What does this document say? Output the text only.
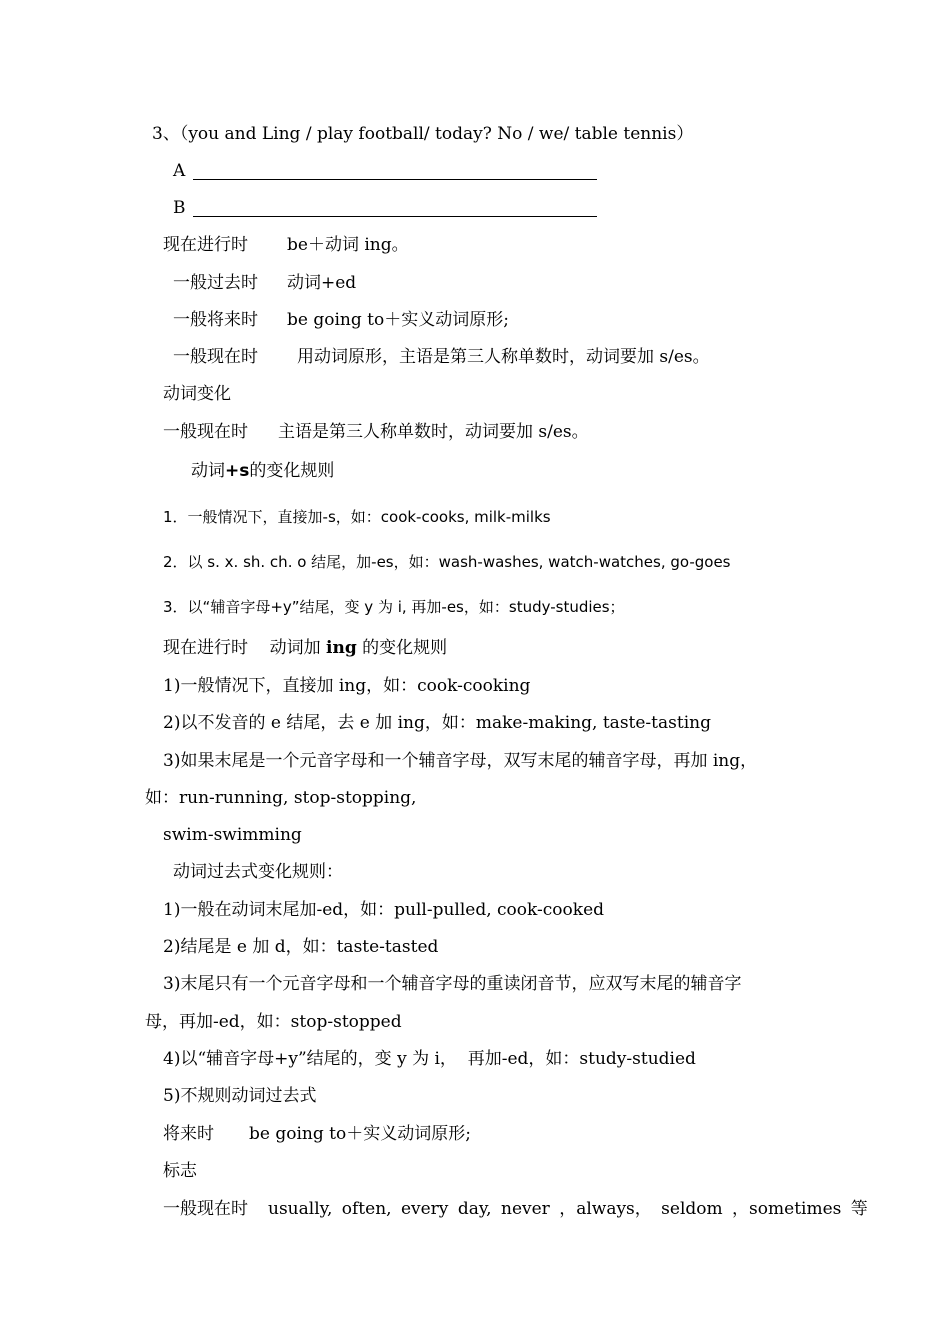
3、（you and Ling / play football/ today? No / we/ table tennis）
A
B
现在进行时 be＋动词 ing。
一般过去时 动词+ed
一般将来时 be going to＋实义动词原形;
一般现在时 用动词原形，主语是第三人称单数时，动词要加 s/es。
动词变化
一般现在时 主语是第三人称单数时，动词要加 s/es。
动词+s的变化规则
1．一般情况下，直接加-s，如：cook-cooks, milk-milks
2．以 s. x. sh. ch. o 结尾，加-es，如：wash-washes, watch-watches, go-goes
3．以“辅音字母+y”结尾，变 y 为 i, 再加-es，如：study-studies；
现在进行时    动词加 ing 的变化规则
1)一般情况下，直接加 ing，如：cook-cooking
2)以不发音的 e 结尾，去 e 加 ing，如：make-making, taste-tasting
3)如果末尾是一个元音字母和一个辅音字母，双写末尾的辅音字母，再加 ing，
如：run-running, stop-stopping,
swim-swimming
动词过去式变化规则：
1)一般在动词末尾加-ed，如：pull-pulled, cook-cooked
2)结尾是 e 加 d，如：taste-tasted
3)末尾只有一个元音字母和一个辅音字母的重读闭音节，应双写末尾的辅音字
母，再加-ed，如：stop-stopped
4)以“辅音字母+y”结尾的，变 y 为 i，  再加-ed，如：study-studied
5)不规则动词过去式
将来时 be going to＋实义动词原形;
标志
一般现在时 usually, often, every day, never ，always， seldom ，sometimes 等
